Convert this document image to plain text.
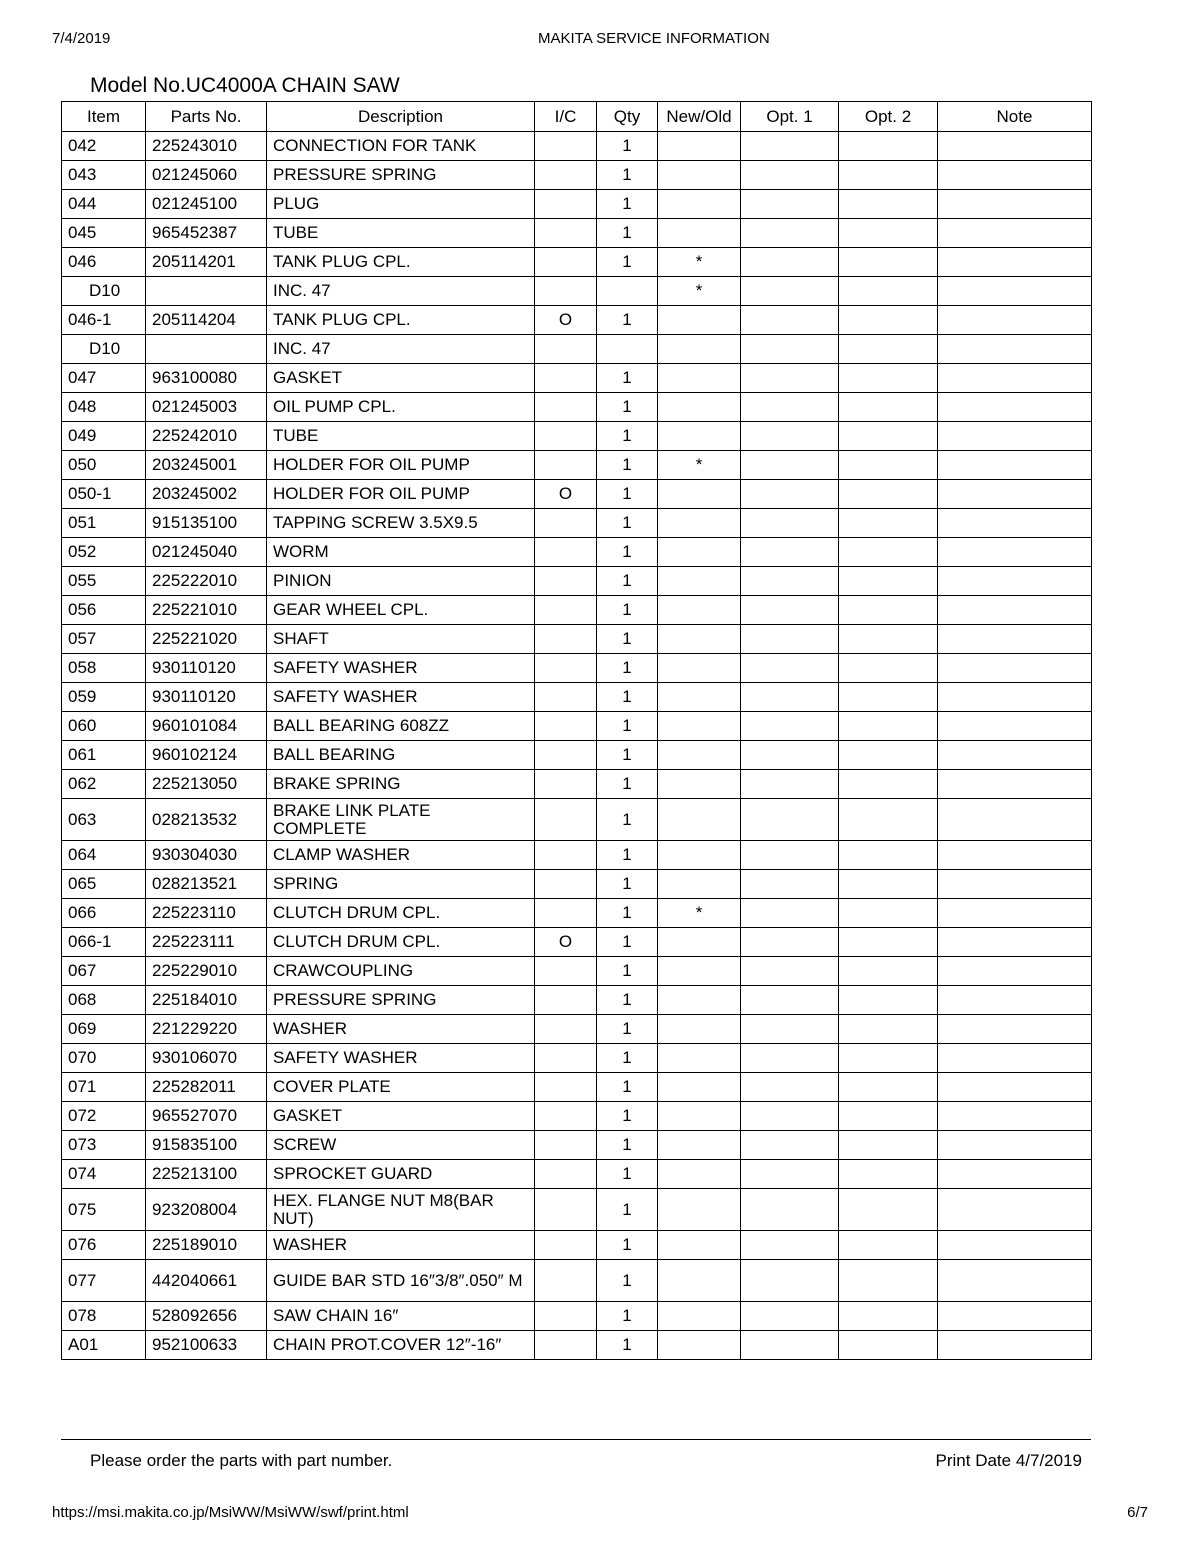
7/4/2019	MAKITA SERVICE INFORMATION
Model No.UC4000A CHAIN SAW
Item	Parts No.	Description	I/C	Qty	New/Old	Opt. 1	Opt. 2	Note
042	225243010	CONNECTION FOR TANK		1				
043	021245060	PRESSURE SPRING		1				
044	021245100	PLUG		1				
045	965452387	TUBE		1				
046	205114201	TANK PLUG CPL.		1	*			
D10		INC. 47			*			
046-1	205114204	TANK PLUG CPL.	O	1				
D10		INC. 47						
047	963100080	GASKET		1				
048	021245003	OIL PUMP CPL.		1				
049	225242010	TUBE		1				
050	203245001	HOLDER FOR OIL PUMP		1	*			
050-1	203245002	HOLDER FOR OIL PUMP	O	1				
051	915135100	TAPPING SCREW 3.5X9.5		1				
052	021245040	WORM		1				
055	225222010	PINION		1				
056	225221010	GEAR WHEEL CPL.		1				
057	225221020	SHAFT		1				
058	930110120	SAFETY WASHER		1				
059	930110120	SAFETY WASHER		1				
060	960101084	BALL BEARING 608ZZ		1				
061	960102124	BALL BEARING		1				
062	225213050	BRAKE SPRING		1				
063	028213532	BRAKE LINK PLATE COMPLETE		1				
064	930304030	CLAMP WASHER		1				
065	028213521	SPRING		1				
066	225223110	CLUTCH DRUM CPL.		1	*			
066-1	225223111	CLUTCH DRUM CPL.	O	1				
067	225229010	CRAWCOUPLING		1				
068	225184010	PRESSURE SPRING		1				
069	221229220	WASHER		1				
070	930106070	SAFETY WASHER		1				
071	225282011	COVER PLATE		1				
072	965527070	GASKET		1				
073	915835100	SCREW		1				
074	225213100	SPROCKET GUARD		1				
075	923208004	HEX. FLANGE NUT M8(BAR NUT)		1				
076	225189010	WASHER		1				
077	442040661	GUIDE BAR STD 16″3/8″.050″ M		1				
078	528092656	SAW CHAIN 16″		1				
A01	952100633	CHAIN PROT.COVER 12″-16″		1				
Please order the parts with part number.	Print Date 4/7/2019
https://msi.makita.co.jp/MsiWW/MsiWW/swf/print.html	6/7
